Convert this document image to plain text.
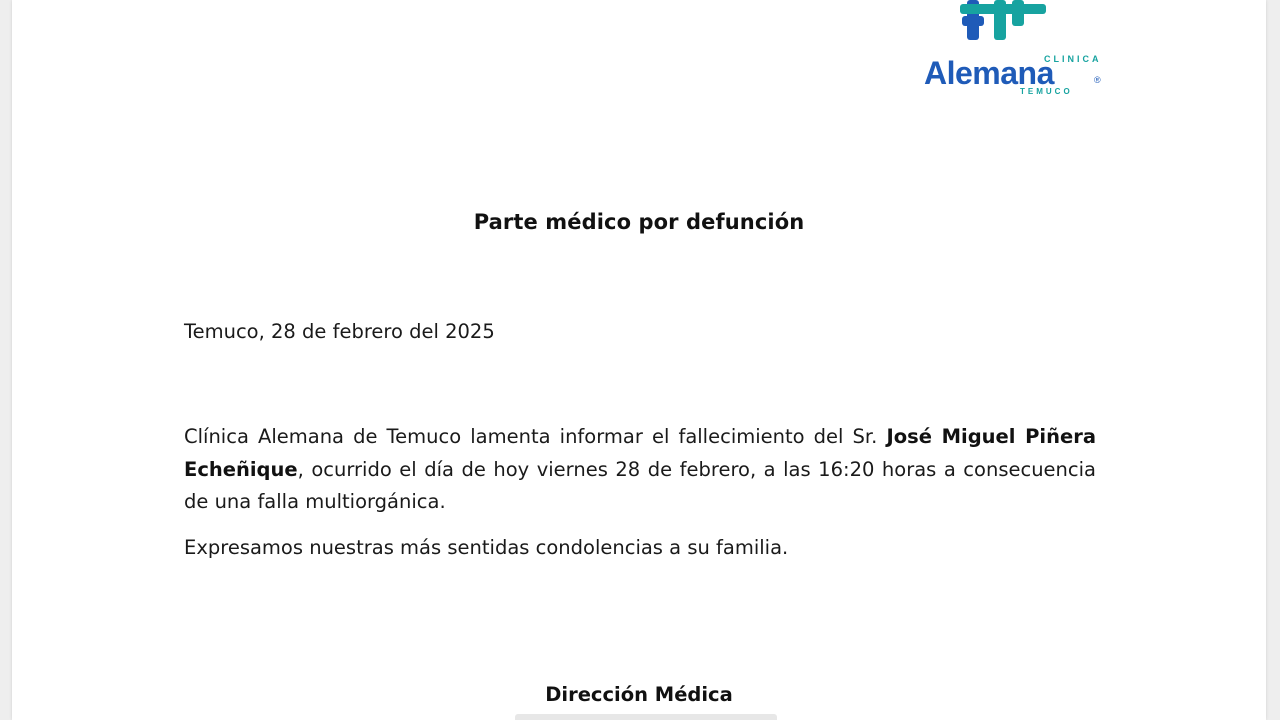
CLINICA
Alemana	®
TEMUCO
Parte médico por defunción

Temuco, 28 de febrero del 2025

Clínica Alemana de Temuco lamenta informar el fallecimiento del Sr. José Miguel Piñera Echeñique, ocurrido el día de hoy viernes 28 de febrero, a las 16:20 horas a consecuencia de una falla multiorgánica.

Expresamos nuestras más sentidas condolencias a su familia.

Dirección Médica
